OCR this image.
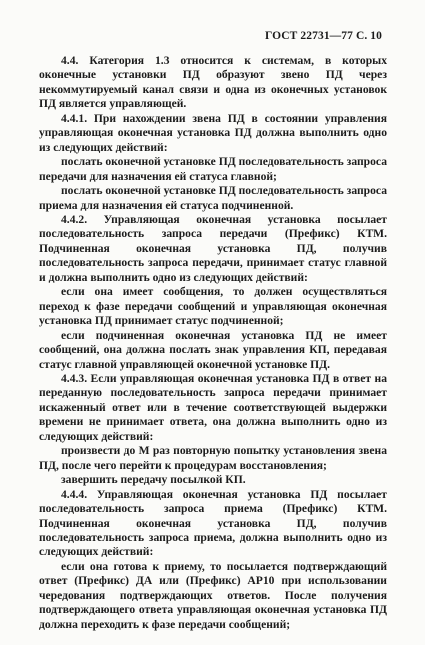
ГОСТ 22731—77 С. 10

4.4. Категория 1.3 относится к системам, в которых оконечные установки ПД образуют звено ПД через некоммутируемый канал связи и одна из оконечных установок ПД является управляющей.

4.4.1. При нахождении звена ПД в состоянии управления управляющая оконечная установка ПД должна выполнить одно из следующих действий:

послать оконечной установке ПД последовательность запроса передачи для назначения ей статуса главной;

послать оконечной установке ПД последовательность запроса приема для назначения ей статуса подчиненной.

4.4.2. Управляющая оконечная установка посылает последовательность запроса передачи (Префикс) КТМ. Подчиненная оконечная установка ПД, получив последовательность запроса передачи, принимает статус главной и должна выполнить одно из следующих действий:

если она имеет сообщения, то должен осуществляться переход к фазе передачи сообщений и управляющая оконечная установка ПД принимает статус подчиненной;

если подчиненная оконечная установка ПД не имеет сообщений, она должна послать знак управления КП, передавая статус главной управляющей оконечной установке ПД.

4.4.3. Если управляющая оконечная установка ПД в ответ на переданную последовательность запроса передачи принимает искаженный ответ или в течение соответствующей выдержки времени не принимает ответа, она должна выполнить одно из следующих действий:

произвести до М раз повторную попытку установления звена ПД, после чего перейти к процедурам восстановления;

завершить передачу посылкой КП.

4.4.4. Управляющая оконечная установка ПД посылает последовательность запроса приема (Префикс) КТМ. Подчиненная оконечная установка ПД, получив последовательность запроса приема, должна выполнить одно из следующих действий:

если она готова к приему, то посылается подтверждающий ответ (Префикс) ДА или (Префикс) АР10 при использовании чередования подтверждающих ответов. После получения подтверждающего ответа управляющая оконечная установка ПД должна переходить к фазе передачи сообщений;
